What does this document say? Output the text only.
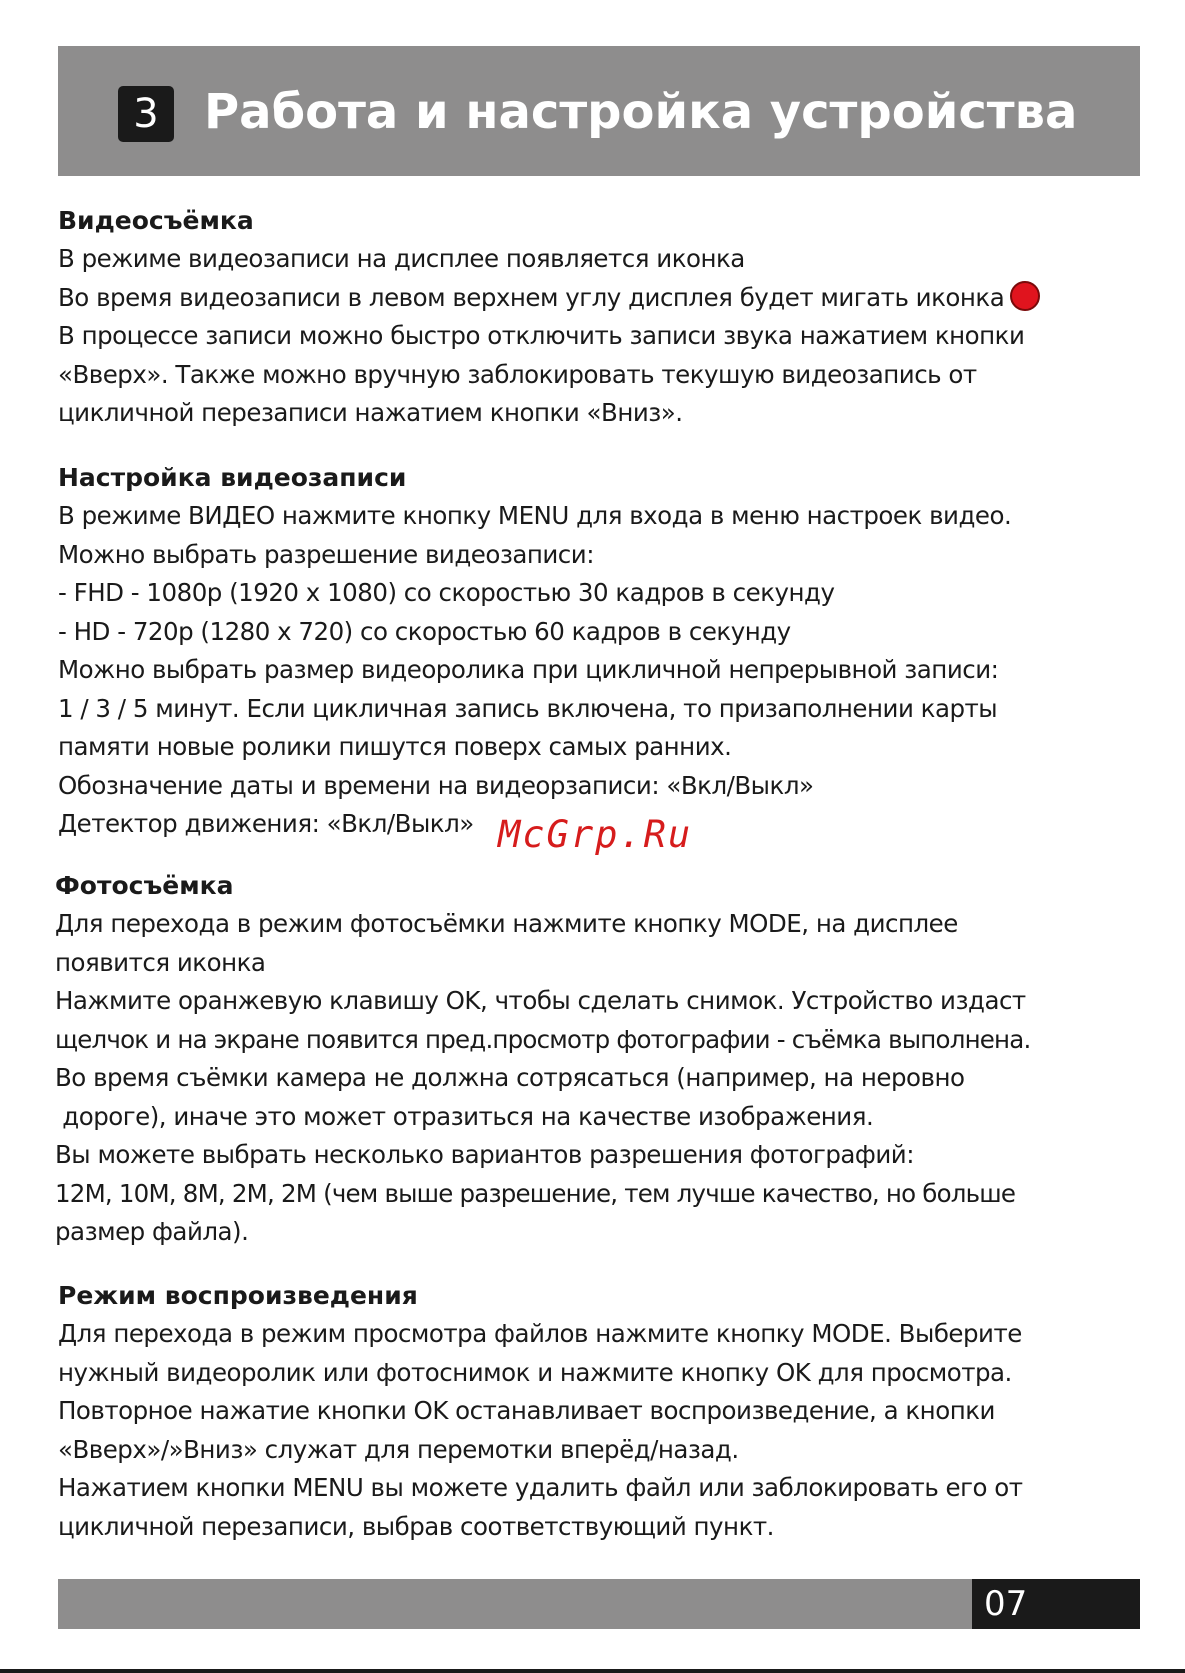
3 Работа и настройка устройства
Видеосъёмка
В режиме видеозаписи на дисплее появляется иконка
Во время видеозаписи в левом верхнем углу дисплея будет мигать иконка
В процессе записи можно быстро отключить записи звука нажатием кнопки
«Вверх». Также можно вручную заблокировать текушую видеозапись от
цикличной перезаписи нажатием кнопки «Вниз».
Настройка видеозаписи
В режиме ВИДЕО нажмите кнопку MENU для входа в меню настроек видео.
Можно выбрать разрешение видеозаписи:
- FHD - 1080p (1920 x 1080) со скоростью 30 кадров в секунду
- HD - 720p (1280 x 720) со скоростью 60 кадров в секунду
Можно выбрать размер видеоролика при цикличной непрерывной записи:
1 / 3 / 5 минут. Если цикличная запись включена, то призаполнении карты
памяти новые ролики пишутся поверх самых ранних.
Обозначение даты и времени на видеорзаписи: «Вкл/Выкл»
Детектор движения: «Вкл/Выкл» McGrp.Ru
Фотосъёмка
Для перехода в режим фотосъёмки нажмите кнопку MODE, на дисплее
появится иконка
Нажмите оранжевую клавишу OK, чтобы сделать снимок. Устройство издаст
щелчок и на экране появится пред.просмотр фотографии - съёмка выполнена.
Во время съёмки камера не должна сотрясаться (например, на неровно
дороге), иначе это может отразиться на качестве изображения.
Вы можете выбрать несколько вариантов разрешения фотографий:
12M, 10M, 8M, 2M, 2M (чем выше разрешение, тем лучше качество, но больше
размер файла).
Режим воспроизведения
Для перехода в режим просмотра файлов нажмите кнопку MODE. Выберите
нужный видеоролик или фотоснимок и нажмите кнопку OK для просмотра.
Повторное нажатие кнопки OK останавливает воспроизведение, а кнопки
«Вверх»/»Вниз» служат для перемотки вперёд/назад.
Нажатием кнопки MENU вы можете удалить файл или заблокировать его от
цикличной перезаписи, выбрав соответствующий пункт.
07
